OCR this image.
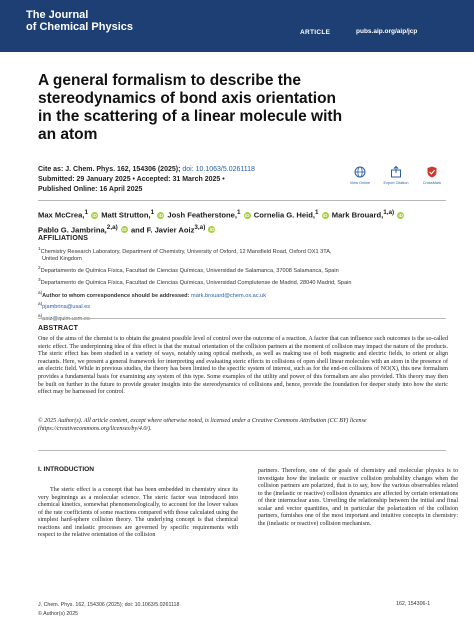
The Journal
of Chemical Physics	ARTICLE	pubs.aip.org/aip/jcp
A general formalism to describe the stereodynamics of bond axis orientation in the scattering of a linear molecule with an atom
Cite as: J. Chem. Phys. 162, 154306 (2025); doi: 10.1063/5.0261118
Submitted: 29 January 2025 • Accepted: 31 March 2025 •
Published Online: 16 April 2025
View Online	Export Citation	CrossMark
Max McCrea,$^1$ iD Matt Strutton,$^1$ iD Josh Featherstone,$^1$ iD Cornelia G. Heid,$^1$ iD Mark Brouard,$^{1,a)}$ iD
Pablo G. Jambrina,$^{2,a)}$ iD and F. Javier Aoiz$^{3,a)}$ iD
AFFILIATIONS
$^1$Chemistry Research Laboratory, Department of Chemistry, University of Oxford, 12 Mansfield Road, Oxford OX1 3TA,
United Kingdom
$^2$Departamento de Química Física, Facultad de Ciencias Químicas, Universidad de Salamanca, 37008 Salamanca, Spain
$^3$Departamento de Química Física, Facultad de Ciencias Químicas, Universidad Complutense de Madrid, 28040 Madrid, Spain
$^{a)}$Author to whom correspondence should be addressed: mark.brouard@chem.ox.ac.uk
$^{a)}$pjambrina@usal.es
$^{a)}$aoiz@quim.ucm.es
ABSTRACT
One of the aims of the chemist is to obtain the greatest possible level of control over the outcome of a reaction. A factor that can influence such outcomes is the so-called steric effect. The underpinning idea of this effect is that the mutual orientation of the collision partners at the moment of collision may impact the nature of the products. The steric effect has been studied in a variety of ways, notably using optical methods, as well as making use of both magnetic and electric fields, to orient or align reactants. Here, we present a general framework for interpreting and evaluating steric effects in collisions of open shell linear molecules with an atom in the presence of an electric field. While in previous studies, the theory has been limited to the specific system of interest, such as for the end-on collisions of NO(X), this new formalism provides a fundamental basis for examining any system of this type. Some examples of the utility and power of this formalism are also provided. This theory may then be built on further in the future to provide greater insights into the stereodynamics of collisions and, hence, provide the foundation for deeper study into how the steric effect may be harnessed for control.
© 2025 Author(s). All article content, except where otherwise noted, is licensed under a Creative Commons Attribution (CC BY) license (https://creativecommons.org/licenses/by/4.0/).
I. INTRODUCTION
The steric effect is a concept that has been embedded in chemistry since its very beginnings as a molecular science. The steric factor was introduced into chemical kinetics, somewhat phenomenologically, to account for the lower values of the rate coefficients of some reactions compared with those calculated using the simplest hard-sphere collision theory. The underlying concept is that chemical reactions and inelastic processes are governed by specific requirements with respect to the relative orientation of the collision
partners. Therefore, one of the goals of chemistry and molecular physics is to investigate how the inelastic or reactive collision probability changes when the collision partners are polarized, that is to say, how the various observables related to the (inelastic or reactive) collision dynamics are affected by certain orientations of their internuclear axes. Unveiling the relationship between the initial and final scalar and vector quantities, and in particular the polarization of the collision partners, furnishes one of the most important and intuitive concepts in chemistry: the (inelastic or reactive) collision mechanism.
J. Chem. Phys. 162, 154306 (2025); doi: 10.1063/5.0261118
© Author(s) 2025
162, 154306-1
